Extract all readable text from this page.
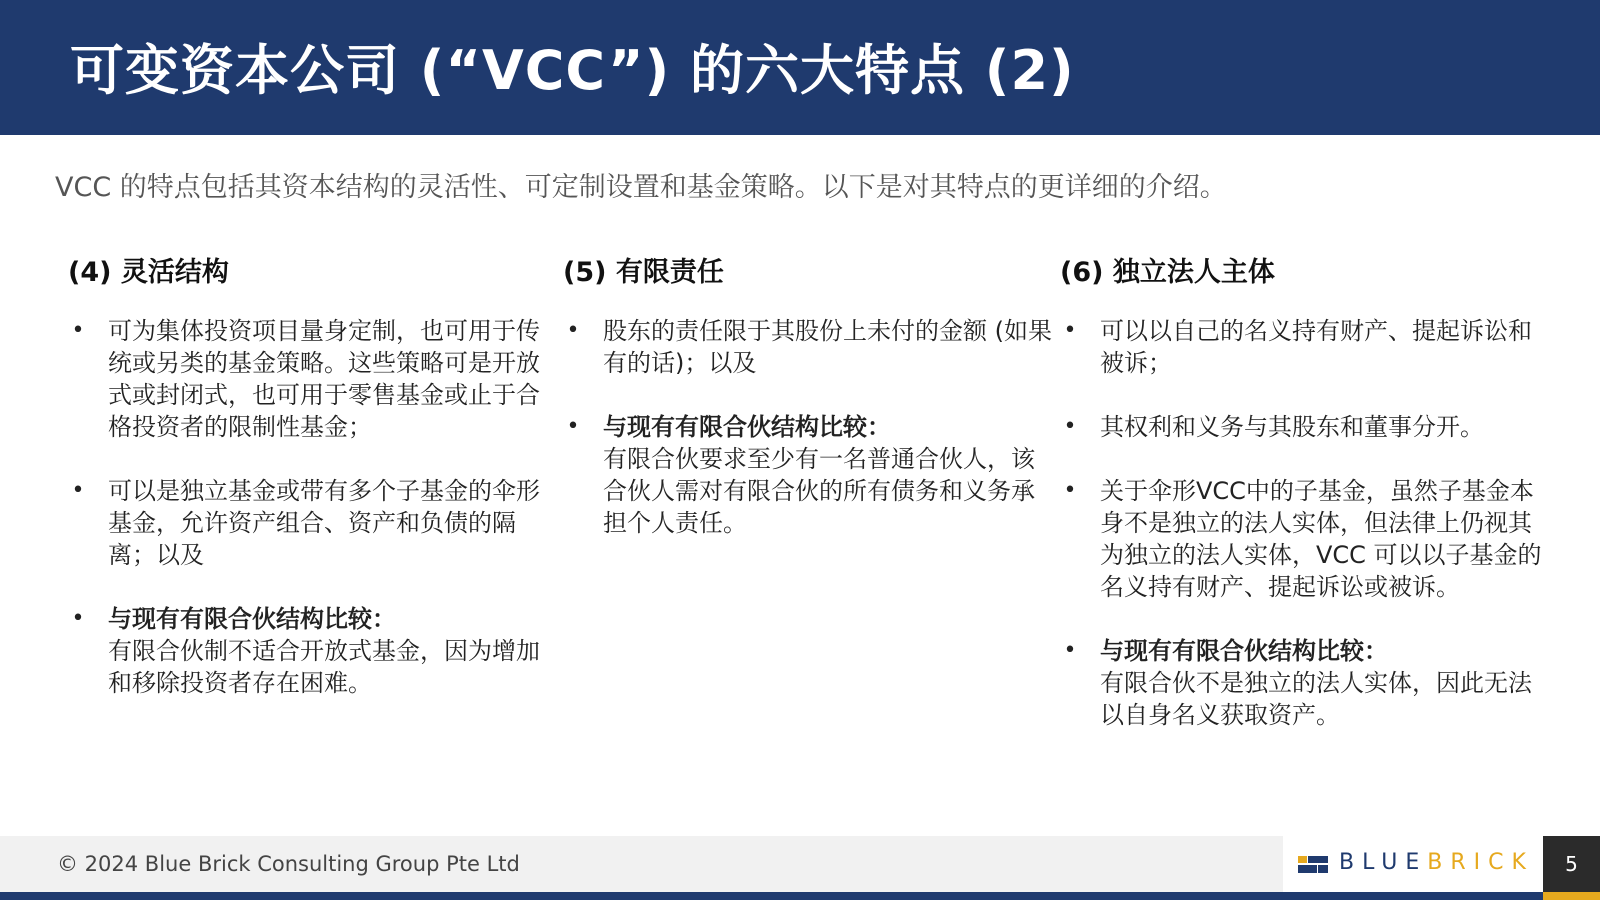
可变资本公司 (“VCC”) 的六大特点 (2)
VCC 的特点包括其资本结构的灵活性、可定制设置和基金策略。以下是对其特点的更详细的介绍。
(4) 灵活结构
• 可为集体投资项目量身定制，也可用于传统或另类的基金策略。这些策略可是开放式或封闭式，也可用于零售基金或止于合格投资者的限制性基金；
• 可以是独立基金或带有多个子基金的伞形基金，允许资产组合、资产和负债的隔离；以及
• 与现有有限合伙结构比较：
有限合伙制不适合开放式基金，因为增加和移除投资者存在困难。
(5) 有限责任
• 股东的责任限于其股份上未付的金额 (如果有的话)；以及
• 与现有有限合伙结构比较：
有限合伙要求至少有一名普通合伙人，该合伙人需对有限合伙的所有债务和义务承担个人责任。
(6) 独立法人主体
• 可以以自己的名义持有财产、提起诉讼和被诉；
• 其权利和义务与其股东和董事分开。
• 关于伞形VCC中的子基金，虽然子基金本身不是独立的法人实体，但法律上仍视其为独立的法人实体，VCC 可以以子基金的名义持有财产、提起诉讼或被诉。
• 与现有有限合伙结构比较：
有限合伙不是独立的法人实体，因此无法以自身名义获取资产。
© 2024 Blue Brick Consulting Group Pte Ltd	BLUEBRICK	5
